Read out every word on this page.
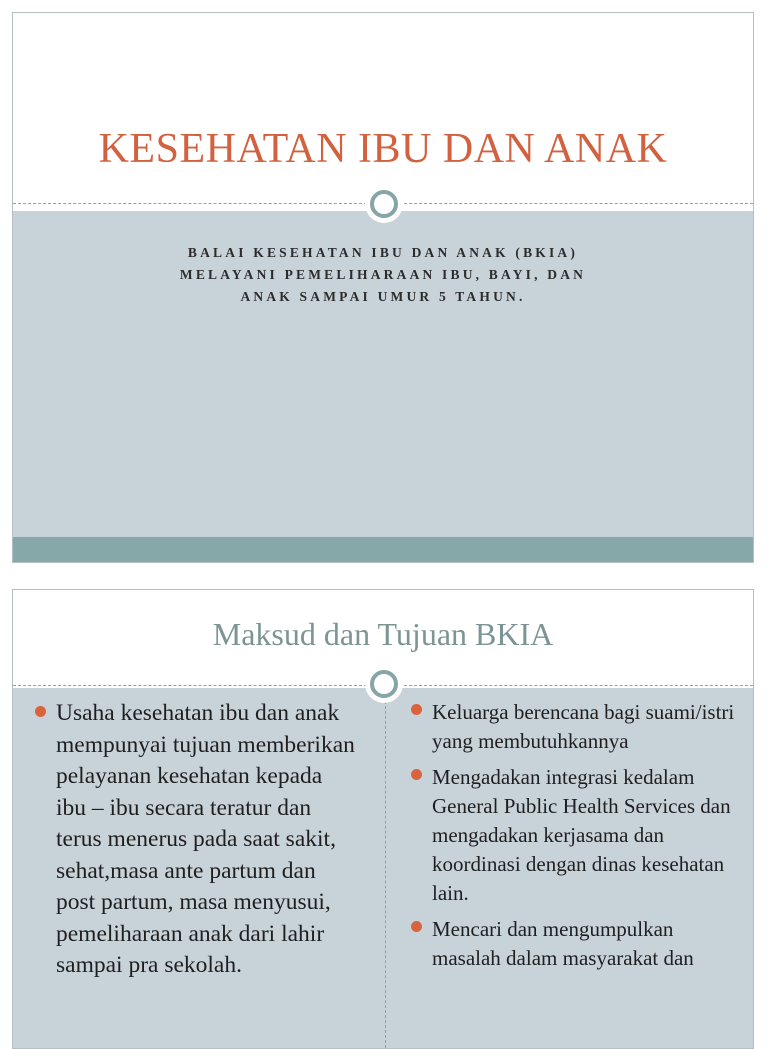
KESEHATAN IBU DAN ANAK
BALAI KESEHATAN IBU DAN ANAK (BKIA)
MELAYANI PEMELIHARAAN IBU, BAYI, DAN
ANAK SAMPAI UMUR 5 TAHUN.
Maksud dan Tujuan BKIA
Usaha kesehatan ibu dan anak mempunyai tujuan memberikan pelayanan kesehatan kepada ibu – ibu secara teratur dan terus menerus pada saat sakit, sehat,masa ante partum dan post partum, masa menyusui, pemeliharaan anak dari lahir sampai pra sekolah.
Keluarga berencana bagi suami/istri yang membutuhkannya
Mengadakan integrasi kedalam General Public Health Services dan mengadakan kerjasama dan koordinasi dengan dinas kesehatan lain.
Mencari dan mengumpulkan masalah dalam masyarakat dan
